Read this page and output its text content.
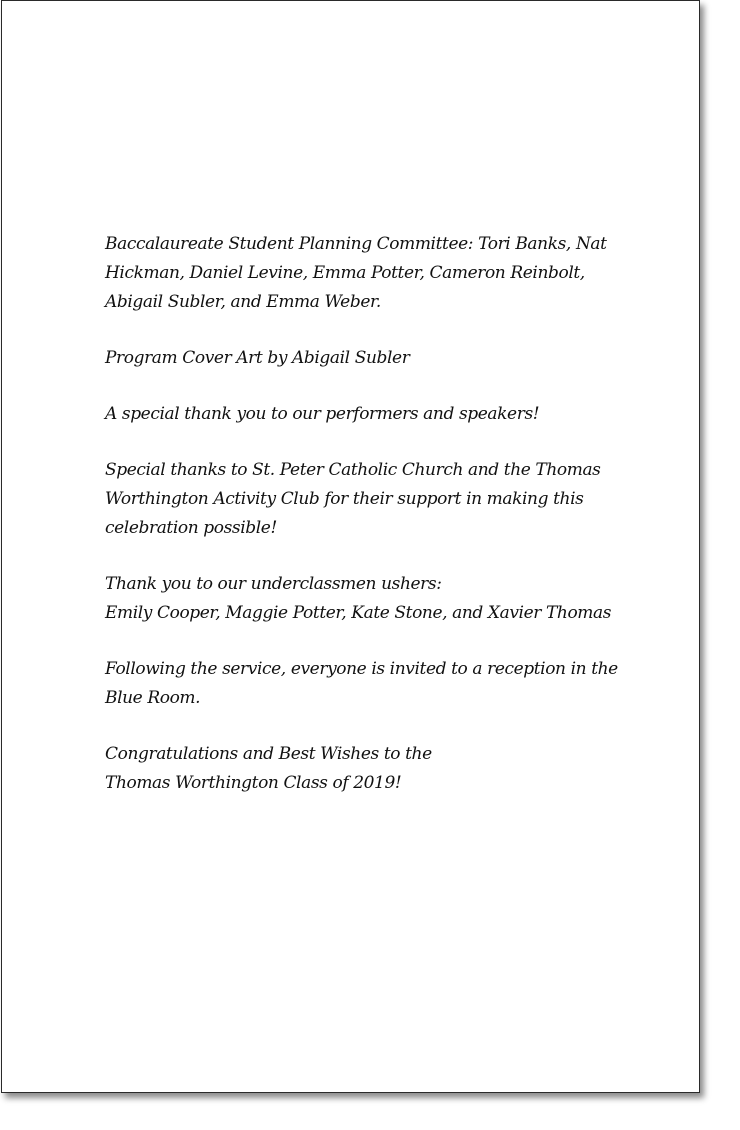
Baccalaureate Student Planning Committee: Tori Banks, Nat Hickman, Daniel Levine, Emma Potter, Cameron Reinbolt, Abigail Subler, and Emma Weber.

Program Cover Art by Abigail Subler

A special thank you to our performers and speakers!

Special thanks to St. Peter Catholic Church and the Thomas Worthington Activity Club for their support in making this celebration possible!

Thank you to our underclassmen ushers:
Emily Cooper, Maggie Potter, Kate Stone, and Xavier Thomas

Following the service, everyone is invited to a reception in the Blue Room.

Congratulations and Best Wishes to the
Thomas Worthington Class of 2019!
